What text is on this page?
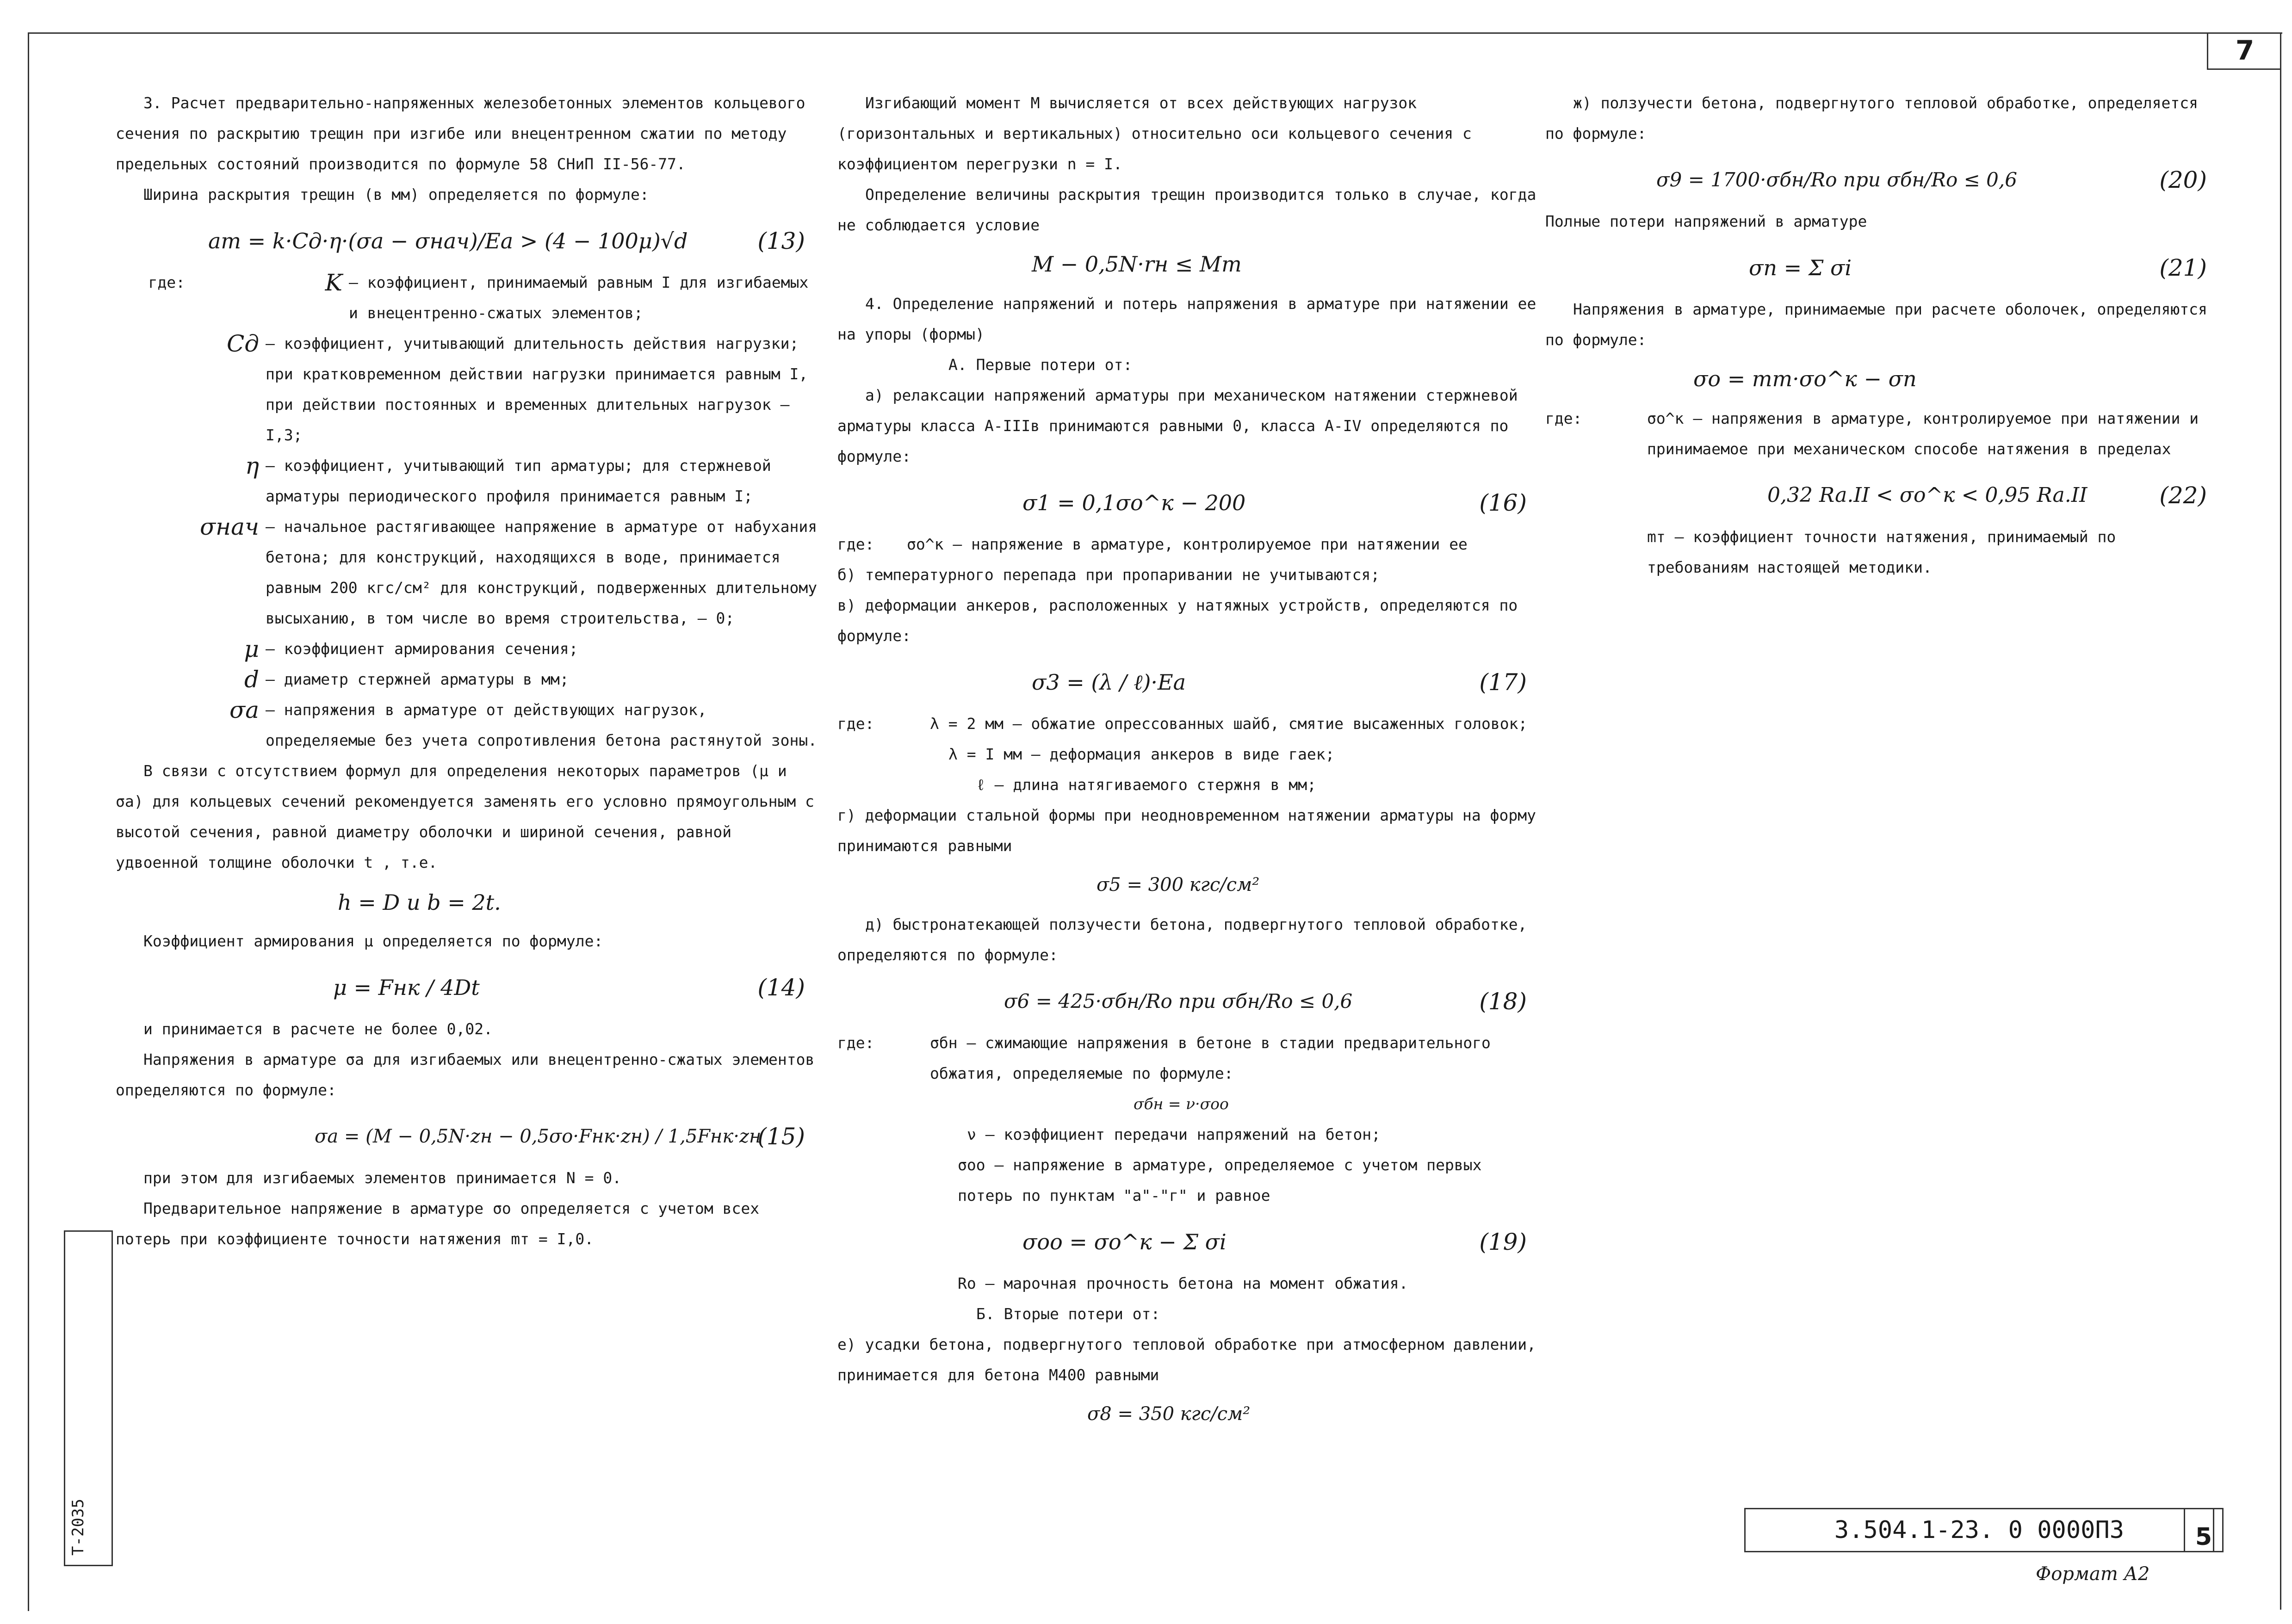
7

3. Расчет предварительно-напряженных железобетонных элементов кольцевого сечения по раскрытию трещин при изгибе или внецентренном сжатии по методу предельных состояний производится по формуле 58 СНиП II-56-77.

Ширина раскрытия трещин (в мм) определяется по формуле:

aт = k·Cд·η·(σa − σнач)/Ea > (4 − 100μ)√d	(13)
где:	K – коэффициент, принимаемый равным I для изгибаемых и внецентренно-сжатых элементов;
Cд – коэффициент, учитывающий длительность действия нагрузки; при кратковременном действии нагрузки принимается равным I, при действии постоянных и временных длительных нагрузок – I,3;
η – коэффициент, учитывающий тип арматуры; для стержневой арматуры периодического профиля принимается равным I;
σнач – начальное растягивающее напряжение в арматуре от набухания бетона; для конструкций, находящихся в воде, принимается равным 200 кгс/см² для конструкций, подверженных длительному высыханию, в том числе во время строительства, – 0;
μ – коэффициент армирования сечения;
d – диаметр стержней арматуры в мм;
σa – напряжения в арматуре от действующих нагрузок, определяемые без учета сопротивления бетона растянутой зоны.

В связи с отсутствием формул для определения некоторых параметров (μ и σa) для кольцевых сечений рекомендуется заменять его условно прямоугольным с высотой сечения, равной диаметру оболочки и шириной сечения, равной удвоенной толщине оболочки t , т.е.

h = D и b = 2t.

Коэффициент армирования μ определяется по формуле:

μ = Fнк / 4Dt	(14)

и принимается в расчете не более 0,02.

Напряжения в арматуре σa для изгибаемых или внецентренно-сжатых элементов определяются по формуле:

σa = (M − 0,5N·zн − 0,5σo·Fнк·zн) / 1,5Fнк·zн
(15)

при этом для изгибаемых элементов принимается N = 0.

Предварительное напряжение в арматуре σo определяется с учетом всех потерь при коэффициенте точности натяжения mт = I,0.

Изгибающий момент M вычисляется от всех действующих нагрузок (горизонтальных и вертикальных) относительно оси кольцевого сечения с коэффициентом перегрузки n = I.

Определение величины раскрытия трещин производится только в случае, когда не соблюдается условие

M − 0,5N·rн ≤ Mm

4. Определение напряжений и потерь напряжения в арматуре при натяжении ее на упоры (формы)

А. Первые потери от:

а) релаксации напряжений арматуры при механическом натяжении стержневой арматуры класса А-IIIв принимаются равными 0, класса А-IV определяются по формуле:

σ1 = 0,1σo^к − 200	(16)
где:	σo^к – напряжение в арматуре, контролируемое при натяжении ее

б) температурного перепада при пропаривании не учитываются;

в) деформации анкеров, расположенных у натяжных устройств, определяются по формуле:

σ3 = (λ / ℓ)·Ea	(17)
где:	λ = 2 мм – обжатие опрессованных шайб, смятие высаженных головок;
λ = I мм – деформация анкеров в виде гаек;
ℓ – длина натягиваемого стержня в мм;

г) деформации стальной формы при неодновременном натяжении арматуры на форму принимаются равными

σ5 = 300 кгс/см²

д) быстронатекающей ползучести бетона, подвергнутого тепловой обработке, определяются по формуле:

σ6 = 425·σбн/Ro при σбн/Ro ≤ 0,6	(18)
где:	σбн – сжимающие напряжения в бетоне в стадии предварительного обжатия, определяемые по формуле:
σбн = ν·σoo
ν – коэффициент передачи напряжений на бетон;
σoo – напряжение в арматуре, определяемое с учетом первых потерь по пунктам "а"-"г" и равное
σoo = σo^к − Σ σi	(19)
Ro – марочная прочность бетона на момент обжатия.

Б. Вторые потери от:

е) усадки бетона, подвергнутого тепловой обработке при атмосферном давлении, принимается для бетона М400 равными

σ8 = 350 кгс/см²

ж) ползучести бетона, подвергнутого тепловой обработке, определяется по формуле:

σ9 = 1700·σбн/Ro при σбн/Ro ≤ 0,6	(20)

Полные потери напряжений в арматуре

σn = Σ σi	(21)

Напряжения в арматуре, принимаемые при расчете оболочек, определяются по формуле:

σo = mт·σo^к − σn
где:	σo^к – напряжения в арматуре, контролируемое при натяжении и принимаемое при механическом способе натяжения в пределах
0,32 Ra.II < σo^к < 0,95 Ra.II	(22)
mт – коэффициент точности натяжения, принимаемый по требованиям настоящей методики.
Т-2035	3.504.1-23. 0 0000ПЗ	5
Формат А2
